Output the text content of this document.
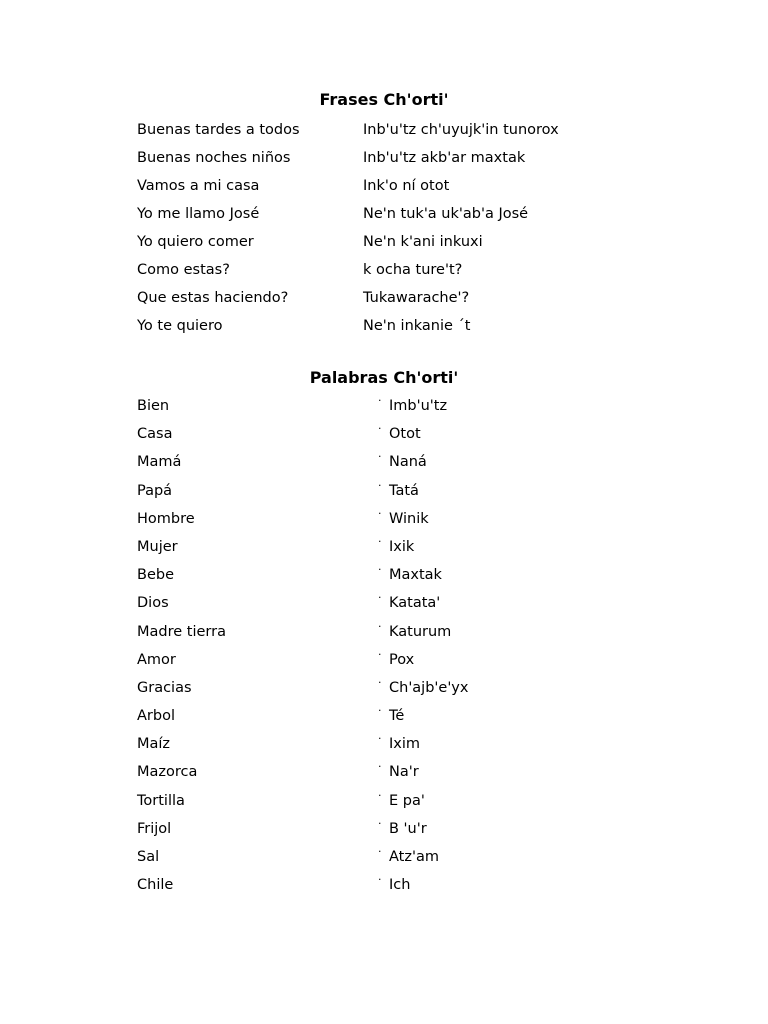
Frases Ch'orti'
Buenas tardes a todos	Inb'u'tz ch'uyujk'in tunorox
Buenas noches niños	Inb'u'tz akb'ar maxtak
Vamos a mi casa	Ink'o ní otot
Yo me llamo José	Ne'n tuk'a uk'ab'a José
Yo quiero comer	Ne'n k'ani inkuxi
Como estas?	k ocha ture't?
Que estas haciendo?	Tukawarache'?
Yo te quiero	Ne'n inkanie ´t
Palabras Ch'orti'
Bien	· Imb'u'tz
Casa	· Otot
Mamá	· Naná
Papá	· Tatá
Hombre	· Winik
Mujer	· Ixik
Bebe	· Maxtak
Dios	· Katata'
Madre tierra	· Katurum
Amor	· Pox
Gracias	· Ch'ajb'e'yx
Arbol	· Té
Maíz	· Ixim
Mazorca	· Na'r
Tortilla	· E pa'
Frijol	· B 'u'r
Sal	· Atz'am
Chile	· Ich
